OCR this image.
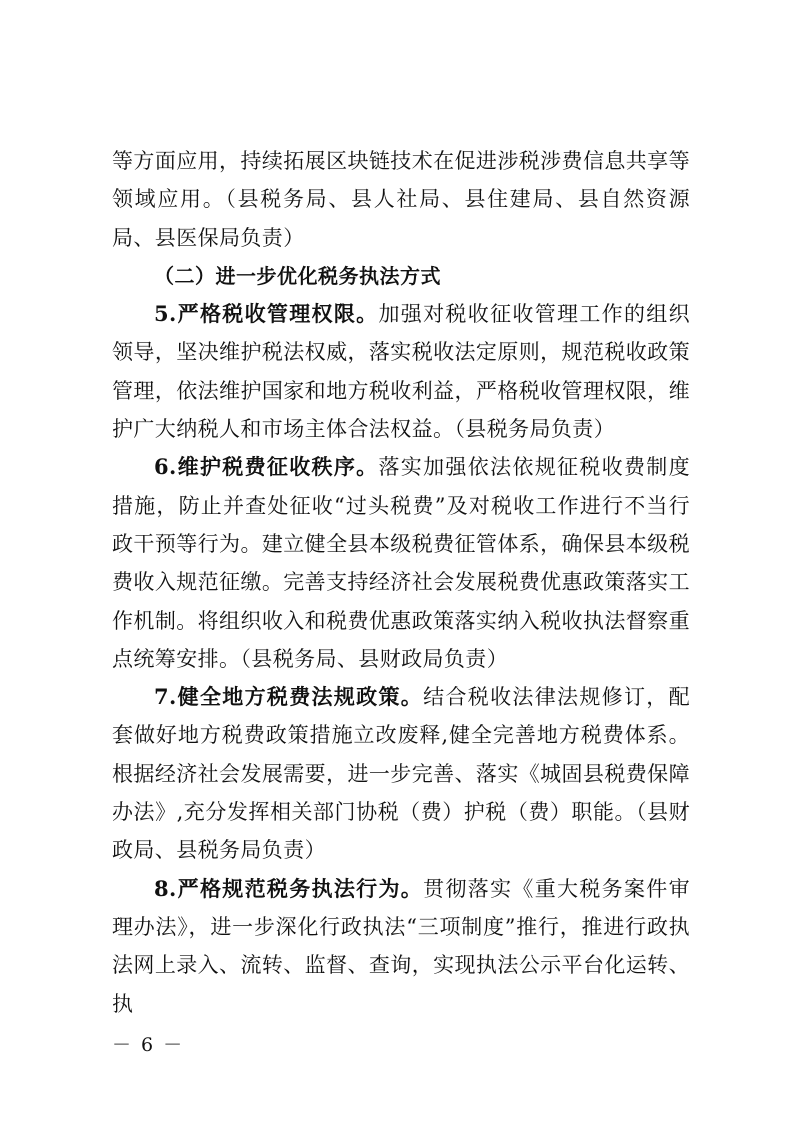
等方面应用，持续拓展区块链技术在促进涉税涉费信息共享等领域应用。（县税务局、县人社局、县住建局、县自然资源局、县医保局负责）

（二）进一步优化税务执法方式

5.严格税收管理权限。加强对税收征收管理工作的组织领导，坚决维护税法权威，落实税收法定原则，规范税收政策管理，依法维护国家和地方税收利益，严格税收管理权限，维护广大纳税人和市场主体合法权益。（县税务局负责）

6.维护税费征收秩序。落实加强依法依规征税收费制度措施，防止并查处征收“过头税费”及对税收工作进行不当行政干预等行为。建立健全县本级税费征管体系，确保县本级税费收入规范征缴。完善支持经济社会发展税费优惠政策落实工作机制。将组织收入和税费优惠政策落实纳入税收执法督察重点统筹安排。（县税务局、县财政局负责）

7.健全地方税费法规政策。结合税收法律法规修订，配套做好地方税费政策措施立改废释,健全完善地方税费体系。根据经济社会发展需要，进一步完善、落实《城固县税费保障办法》,充分发挥相关部门协税（费）护税（费）职能。（县财政局、县税务局负责）

8.严格规范税务执法行为。贯彻落实《重大税务案件审理办法》，进一步深化行政执法“三项制度”推行，推进行政执法网上录入、流转、监督、查询，实现执法公示平台化运转、执

－ 6 －
